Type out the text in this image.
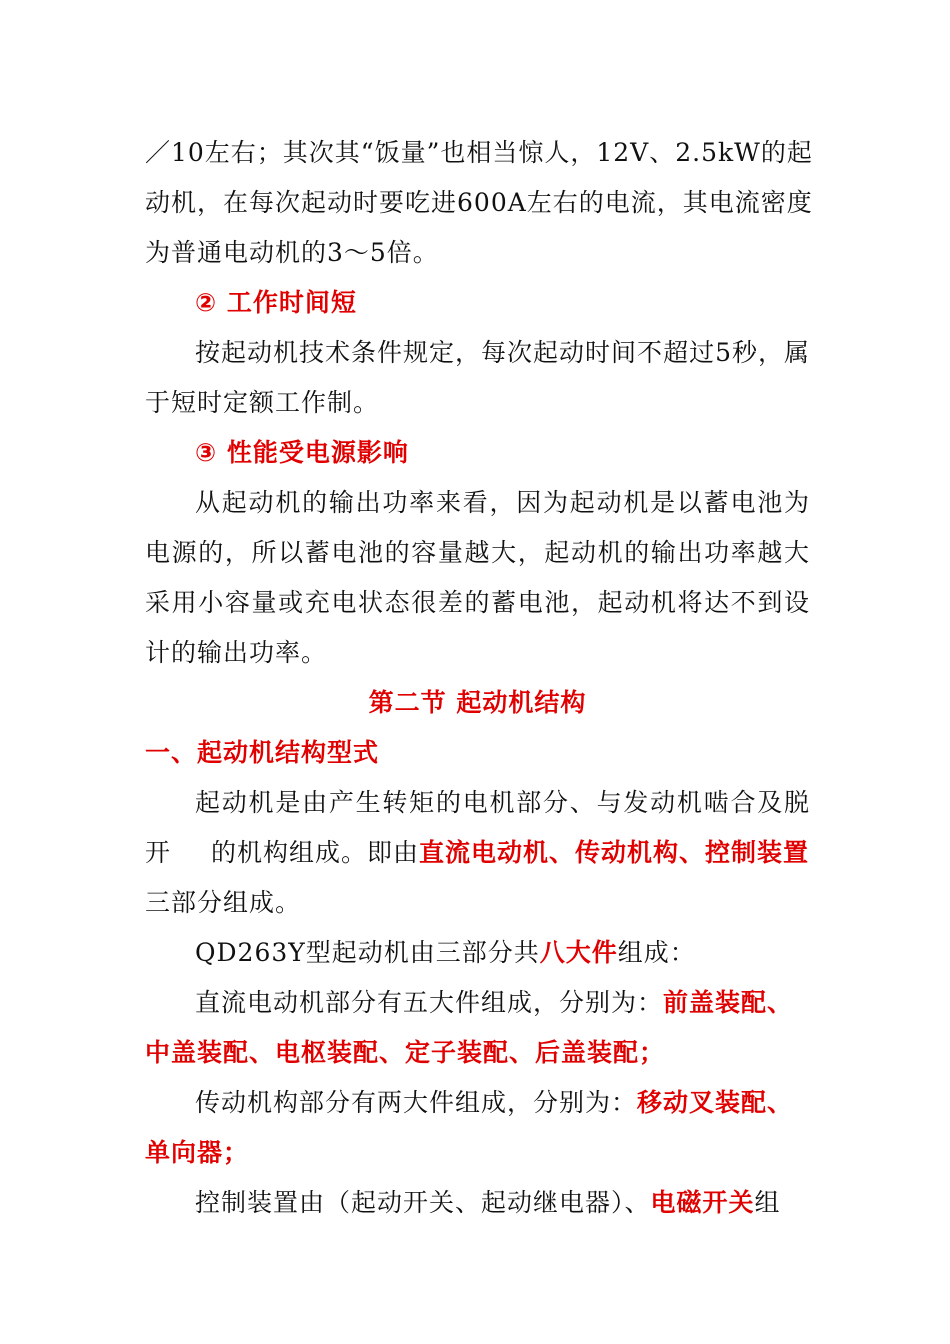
／10左右；其次其“饭量”也相当惊人，12V、2.5kW的起
动机，在每次起动时要吃进600A左右的电流，其电流密度
为普通电动机的3～5倍。
② 工作时间短
按起动机技术条件规定，每次起动时间不超过5秒，属
于短时定额工作制。
③ 性能受电源影响
从起动机的输出功率来看，因为起动机是以蓄电池为
电源的，所以蓄电池的容量越大，起动机的输出功率越大
采用小容量或充电状态很差的蓄电池，起动机将达不到设
计的输出功率。
第二节 起动机结构
一、起动机结构型式
起动机是由产生转矩的电机部分、与发动机啮合及脱
开 的机构组成。即由直流电动机、传动机构、控制装置
三部分组成。
QD263Y型起动机由三部分共八大件组成：
直流电动机部分有五大件组成，分别为：前盖装配、
中盖装配、电枢装配、定子装配、后盖装配；
传动机构部分有两大件组成，分别为：移动叉装配、
单向器；
控制装置由（起动开关、起动继电器）、电磁开关组
